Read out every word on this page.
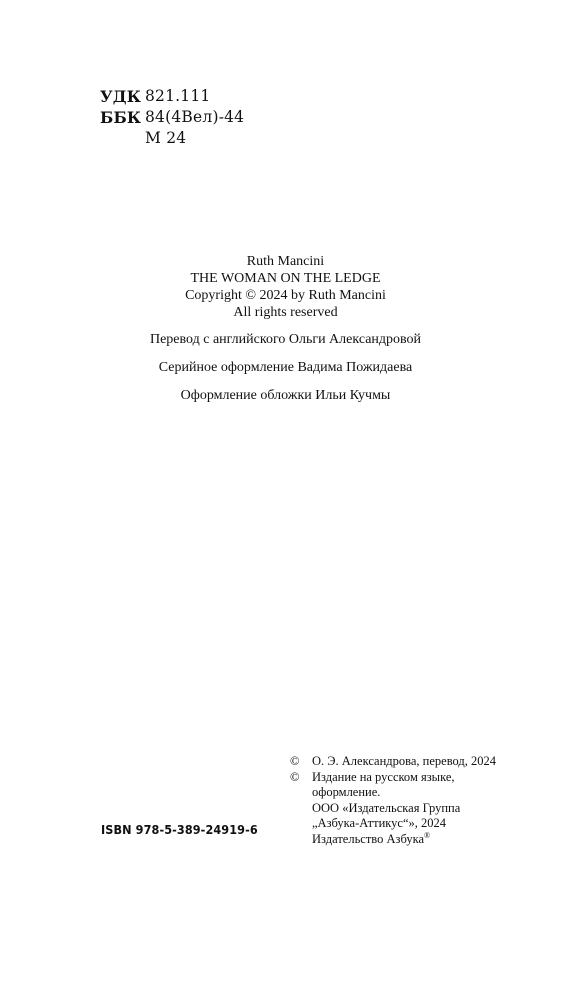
УДК 821.111
ББК 84(4Вел)-44
М 24
Ruth Mancini
THE WOMAN ON THE LEDGE
Copyright © 2024 by Ruth Mancini
All rights reserved
Перевод с английского Ольги Александровой
Серийное оформление Вадима Пожидаева
Оформление обложки Ильи Кучмы
ISBN 978-5-389-24919-6
©	О. Э. Александрова, перевод, 2024
©	Издание на русском языке,
оформление.
ООО «Издательская Группа
„Азбука-Аттикус“», 2024
Издательство Азбука®
